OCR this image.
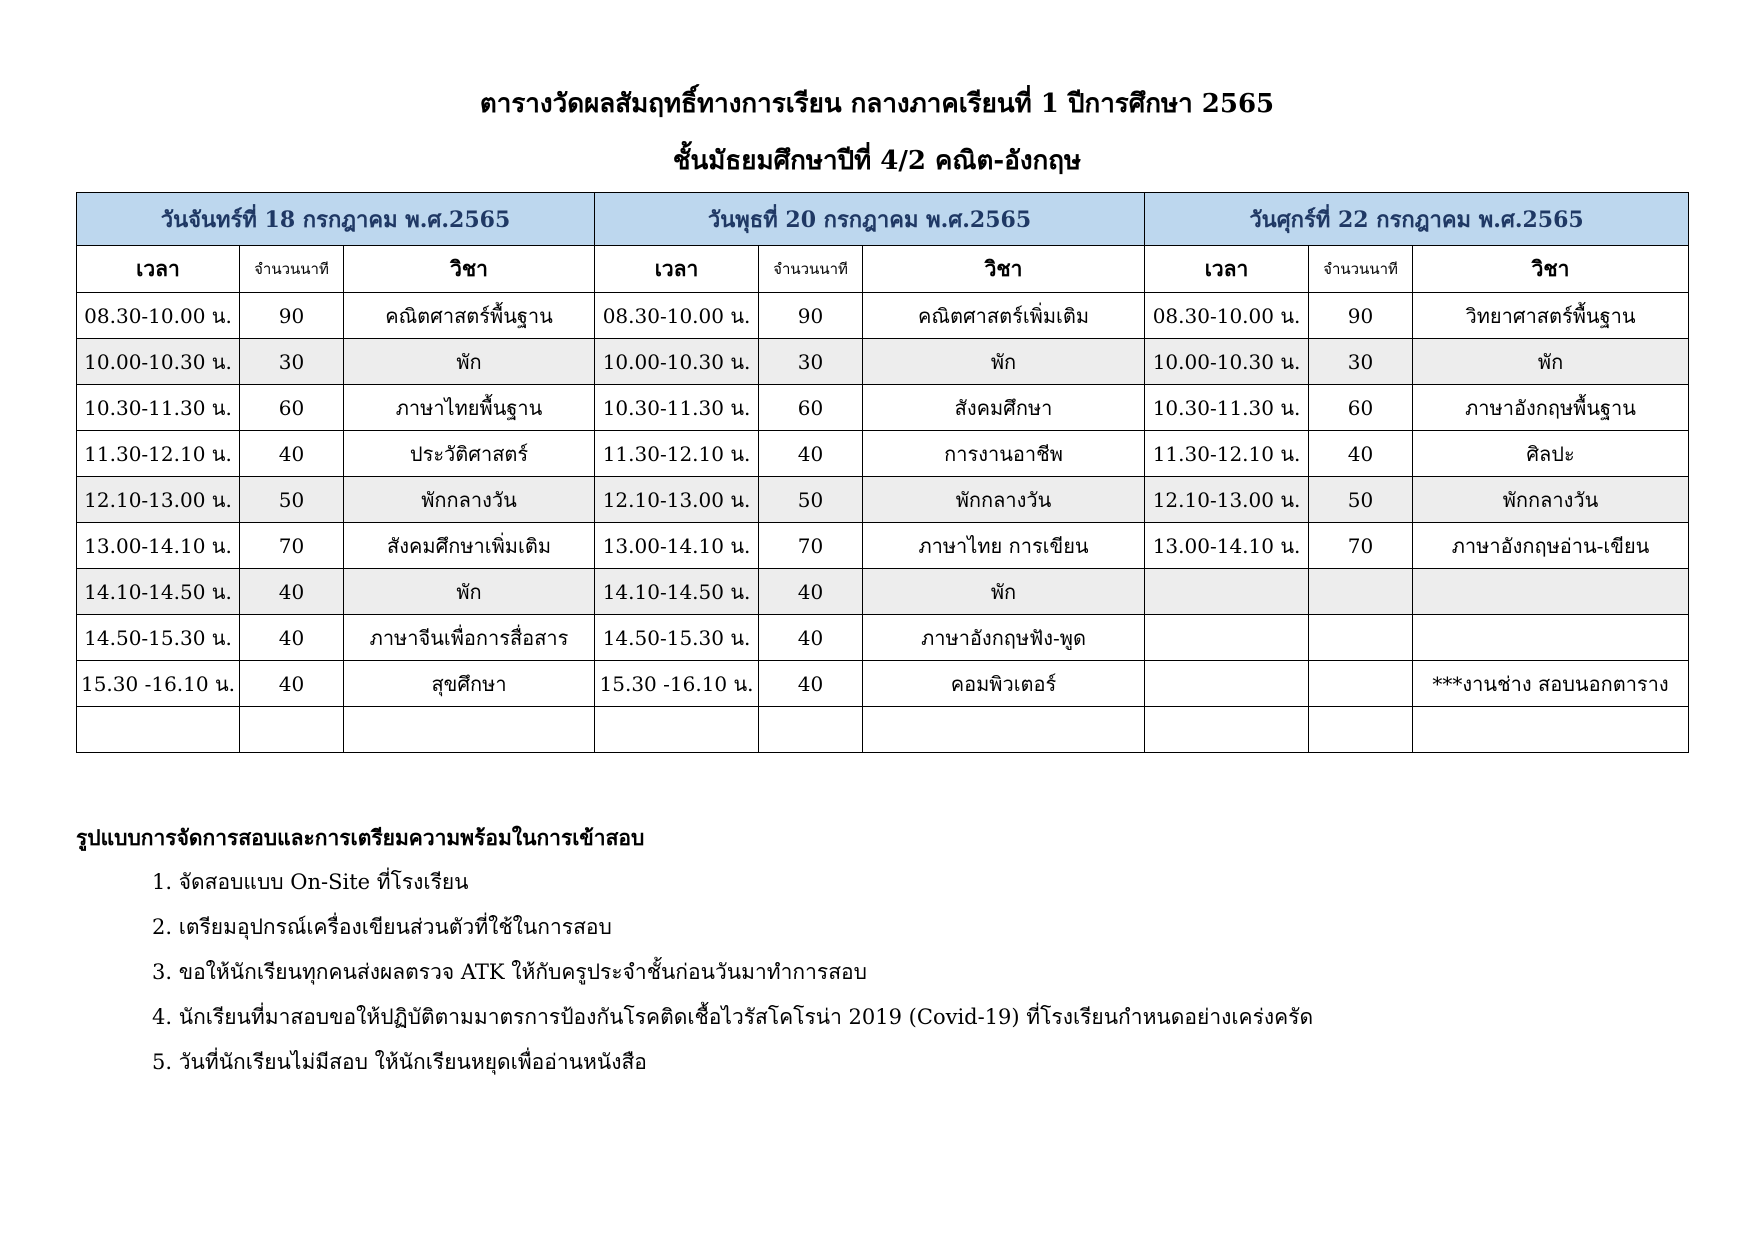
ตารางวัดผลสัมฤทธิ์ทางการเรียน กลางภาคเรียนที่ 1 ปีการศึกษา 2565
ชั้นมัธยมศึกษาปีที่ 4/2 คณิต-อังกฤษ
วันจันทร์ที่ 18 กรกฎาคม พ.ศ.2565			วันพุธที่ 20 กรกฎาคม พ.ศ.2565			วันศุกร์ที่ 22 กรกฎาคม พ.ศ.2565		
เวลา	จำนวนนาที	วิชา	เวลา	จำนวนนาที	วิชา	เวลา	จำนวนนาที	วิชา
08.30-10.00 น.	90	คณิตศาสตร์พื้นฐาน	08.30-10.00 น.	90	คณิตศาสตร์เพิ่มเติม	08.30-10.00 น.	90	วิทยาศาสตร์พื้นฐาน
10.00-10.30 น.	30	พัก	10.00-10.30 น.	30	พัก	10.00-10.30 น.	30	พัก
10.30-11.30 น.	60	ภาษาไทยพื้นฐาน	10.30-11.30 น.	60	สังคมศึกษา	10.30-11.30 น.	60	ภาษาอังกฤษพื้นฐาน
11.30-12.10 น.	40	ประวัติศาสตร์	11.30-12.10 น.	40	การงานอาชีพ	11.30-12.10 น.	40	ศิลปะ
12.10-13.00 น.	50	พักกลางวัน	12.10-13.00 น.	50	พักกลางวัน	12.10-13.00 น.	50	พักกลางวัน
13.00-14.10 น.	70	สังคมศึกษาเพิ่มเติม	13.00-14.10 น.	70	ภาษาไทย การเขียน	13.00-14.10 น.	70	ภาษาอังกฤษอ่าน-เขียน
14.10-14.50 น.	40	พัก	14.10-14.50 น.	40	พัก			
14.50-15.30 น.	40	ภาษาจีนเพื่อการสื่อสาร	14.50-15.30 น.	40	ภาษาอังกฤษฟัง-พูด			
15.30 -16.10 น.	40	สุขศึกษา	15.30 -16.10 น.	40	คอมพิวเตอร์			***งานช่าง สอบนอกตาราง

รูปแบบการจัดการสอบและการเตรียมความพร้อมในการเข้าสอบ
1. จัดสอบแบบ On-Site ที่โรงเรียน
2. เตรียมอุปกรณ์เครื่องเขียนส่วนตัวที่ใช้ในการสอบ
3. ขอให้นักเรียนทุกคนส่งผลตรวจ ATK ให้กับครูประจำชั้นก่อนวันมาทำการสอบ
4. นักเรียนที่มาสอบขอให้ปฏิบัติตามมาตรการป้องกันโรคติดเชื้อไวรัสโคโรน่า 2019 (Covid-19) ที่โรงเรียนกำหนดอย่างเคร่งครัด
5. วันที่นักเรียนไม่มีสอบ ให้นักเรียนหยุดเพื่ออ่านหนังสือ
